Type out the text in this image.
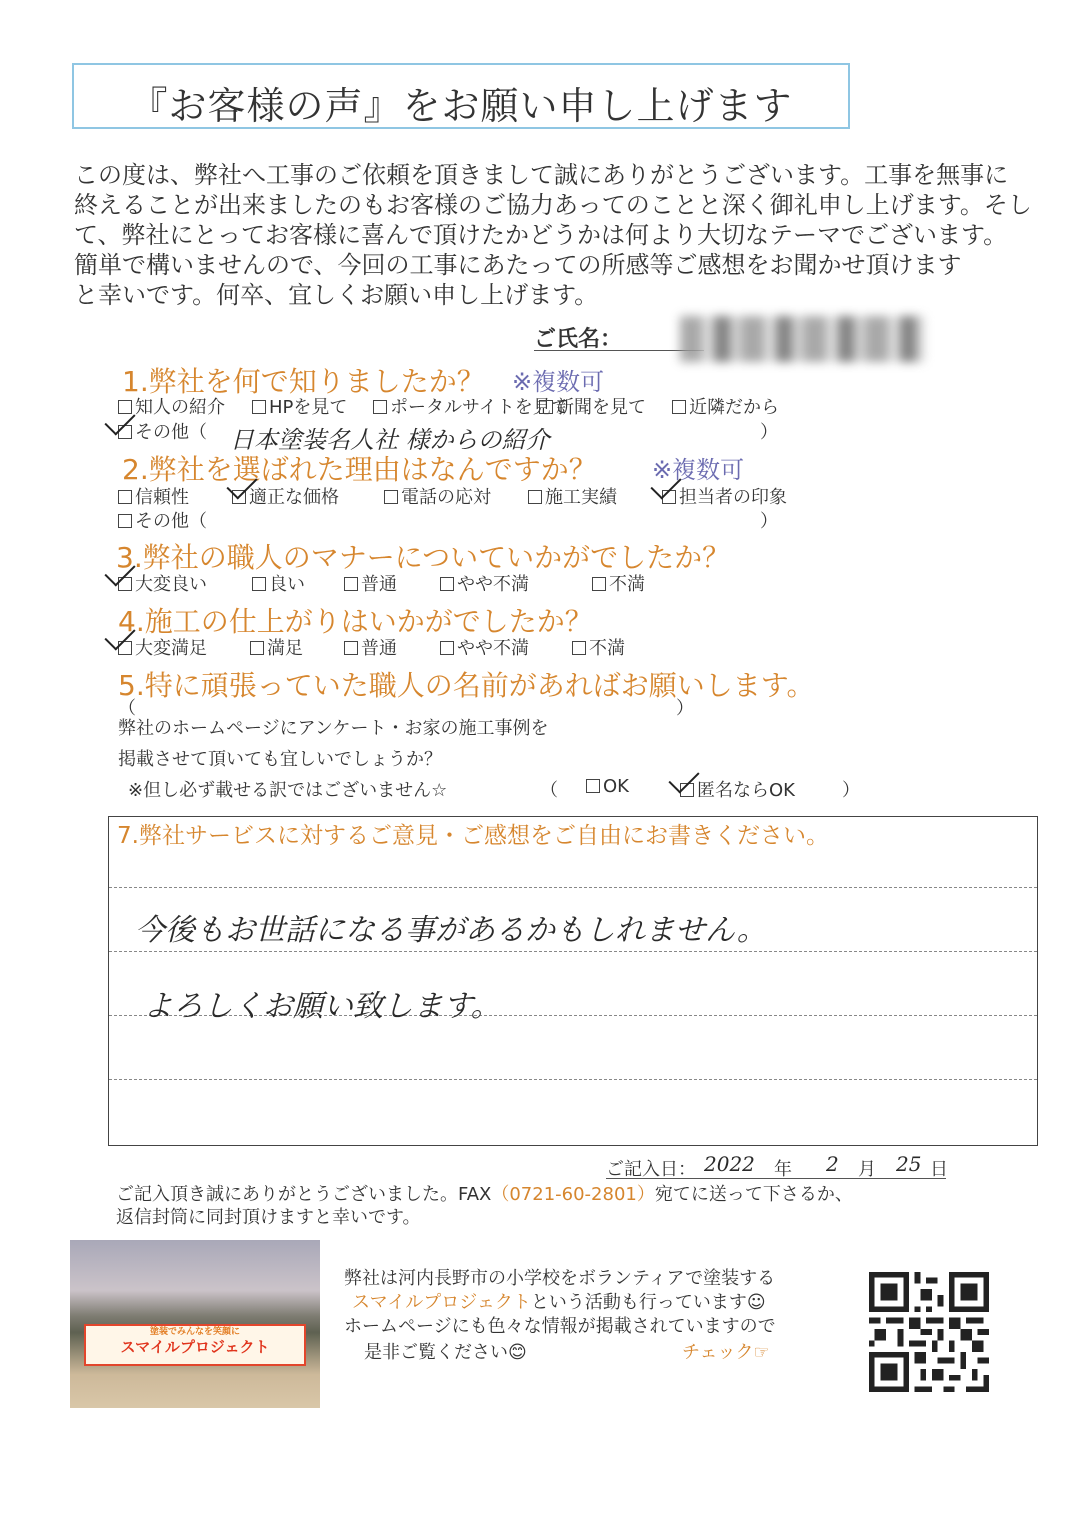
『お客様の声』をお願い申し上げます

この度は、弊社へ工事のご依頼を頂きまして誠にありがとうございます。工事を無事に

終えることが出来ましたのもお客様のご協力あってのことと深く御礼申し上げます。そし

て、弊社にとってお客様に喜んで頂けたかどうかは何より大切なテーマでございます。

簡単で構いませんので、今回の工事にあたっての所感等ご感想をお聞かせ頂けます

と幸いです。何卒、宜しくお願い申し上げます。

ご氏名：
1.弊社を何で知りましたか？ ※複数可
知人の紹介	HPを見て	ポータルサイトを見て
新聞を見て	近隣だから
その他（ 日本塗装名人社 様からの紹介	）
2.弊社を選ばれた理由はなんですか？ ※複数可
信頼性	適正な価格	電話の応対	施工実績	担当者の印象
その他（	）
3.弊社の職人のマナーについていかがでしたか？
大変良い	良い	普通	やや不満	不満
4.施工の仕上がりはいかがでしたか？
大変満足	満足	普通	やや不満	不満
5.特に頑張っていた職人の名前があればお願いします。
（	）
弊社のホームページにアンケート・お家の施工事例を
掲載させて頂いても宜しいでしょうか？
※但し必ず載せる訳ではございません☆	（	OK	匿名ならOK	）
7.弊社サービスに対するご意見・ご感想をご自由にお書きください。
今後もお世話になる事があるかもしれません。
よろしくお願い致します。
ご記入日： 2022 年 2 月 25 日
ご記入頂き誠にありがとうございました。FAX（0721-60-2801）宛てに送って下さるか、
返信封筒に同封頂けますと幸いです。
塗装でみんなを笑顔に
スマイルプロジェクト
弊社は河内長野市の小学校をボランティアで塗装する
スマイルプロジェクトという活動も行っています☺
ホームページにも色々な情報が掲載されていますので
是非ご覧ください😊	チェック☞
